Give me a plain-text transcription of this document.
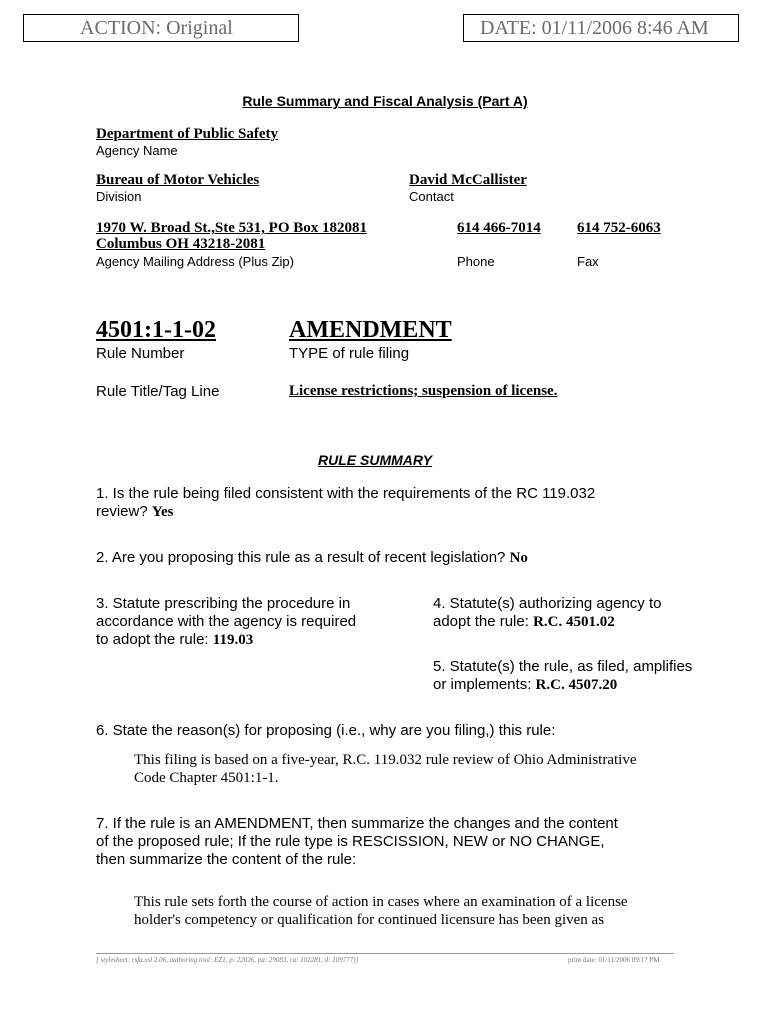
ACTION: Original	DATE: 01/11/2006 8:46 AM
Rule Summary and Fiscal Analysis (Part A)
Department of Public Safety
Agency Name
Bureau of Motor Vehicles
Division
David McCallister
Contact
1970 W. Broad St.,Ste 531, PO Box 182081
Columbus OH 43218-2081
Agency Mailing Address (Plus Zip)
614 466-7014
Phone
614 752-6063
Fax
4501:1-1-02
Rule Number
AMENDMENT
TYPE of rule filing
Rule Title/Tag Line	License restrictions; suspension of license.
RULE SUMMARY
1. Is the rule being filed consistent with the requirements of the RC 119.032
review? Yes
2. Are you proposing this rule as a result of recent legislation? No
3. Statute prescribing the procedure in
accordance with the agency is required
to adopt the rule: 119.03
4. Statute(s) authorizing agency to
adopt the rule: R.C. 4501.02
5. Statute(s) the rule, as filed, amplifies
or implements: R.C. 4507.20
6. State the reason(s) for proposing (i.e., why are you filing,) this rule:
This filing is based on a five-year, R.C. 119.032 rule review of Ohio Administrative
Code Chapter 4501:1-1.
7. If the rule is an AMENDMENT, then summarize the changes and the content
of the proposed rule; If the rule type is RESCISSION, NEW or NO CHANGE,
then summarize the content of the rule:
This rule sets forth the course of action in cases where an examination of a license
holder's competency or qualification for continued licensure has been given as
[ stylesheet: rsfa.xsl 2.06, authoring tool: EZ1, p: 22026, pa: 29083, ra: 101281, d: 109777)]	print date: 01/11/2006 09:17 PM
